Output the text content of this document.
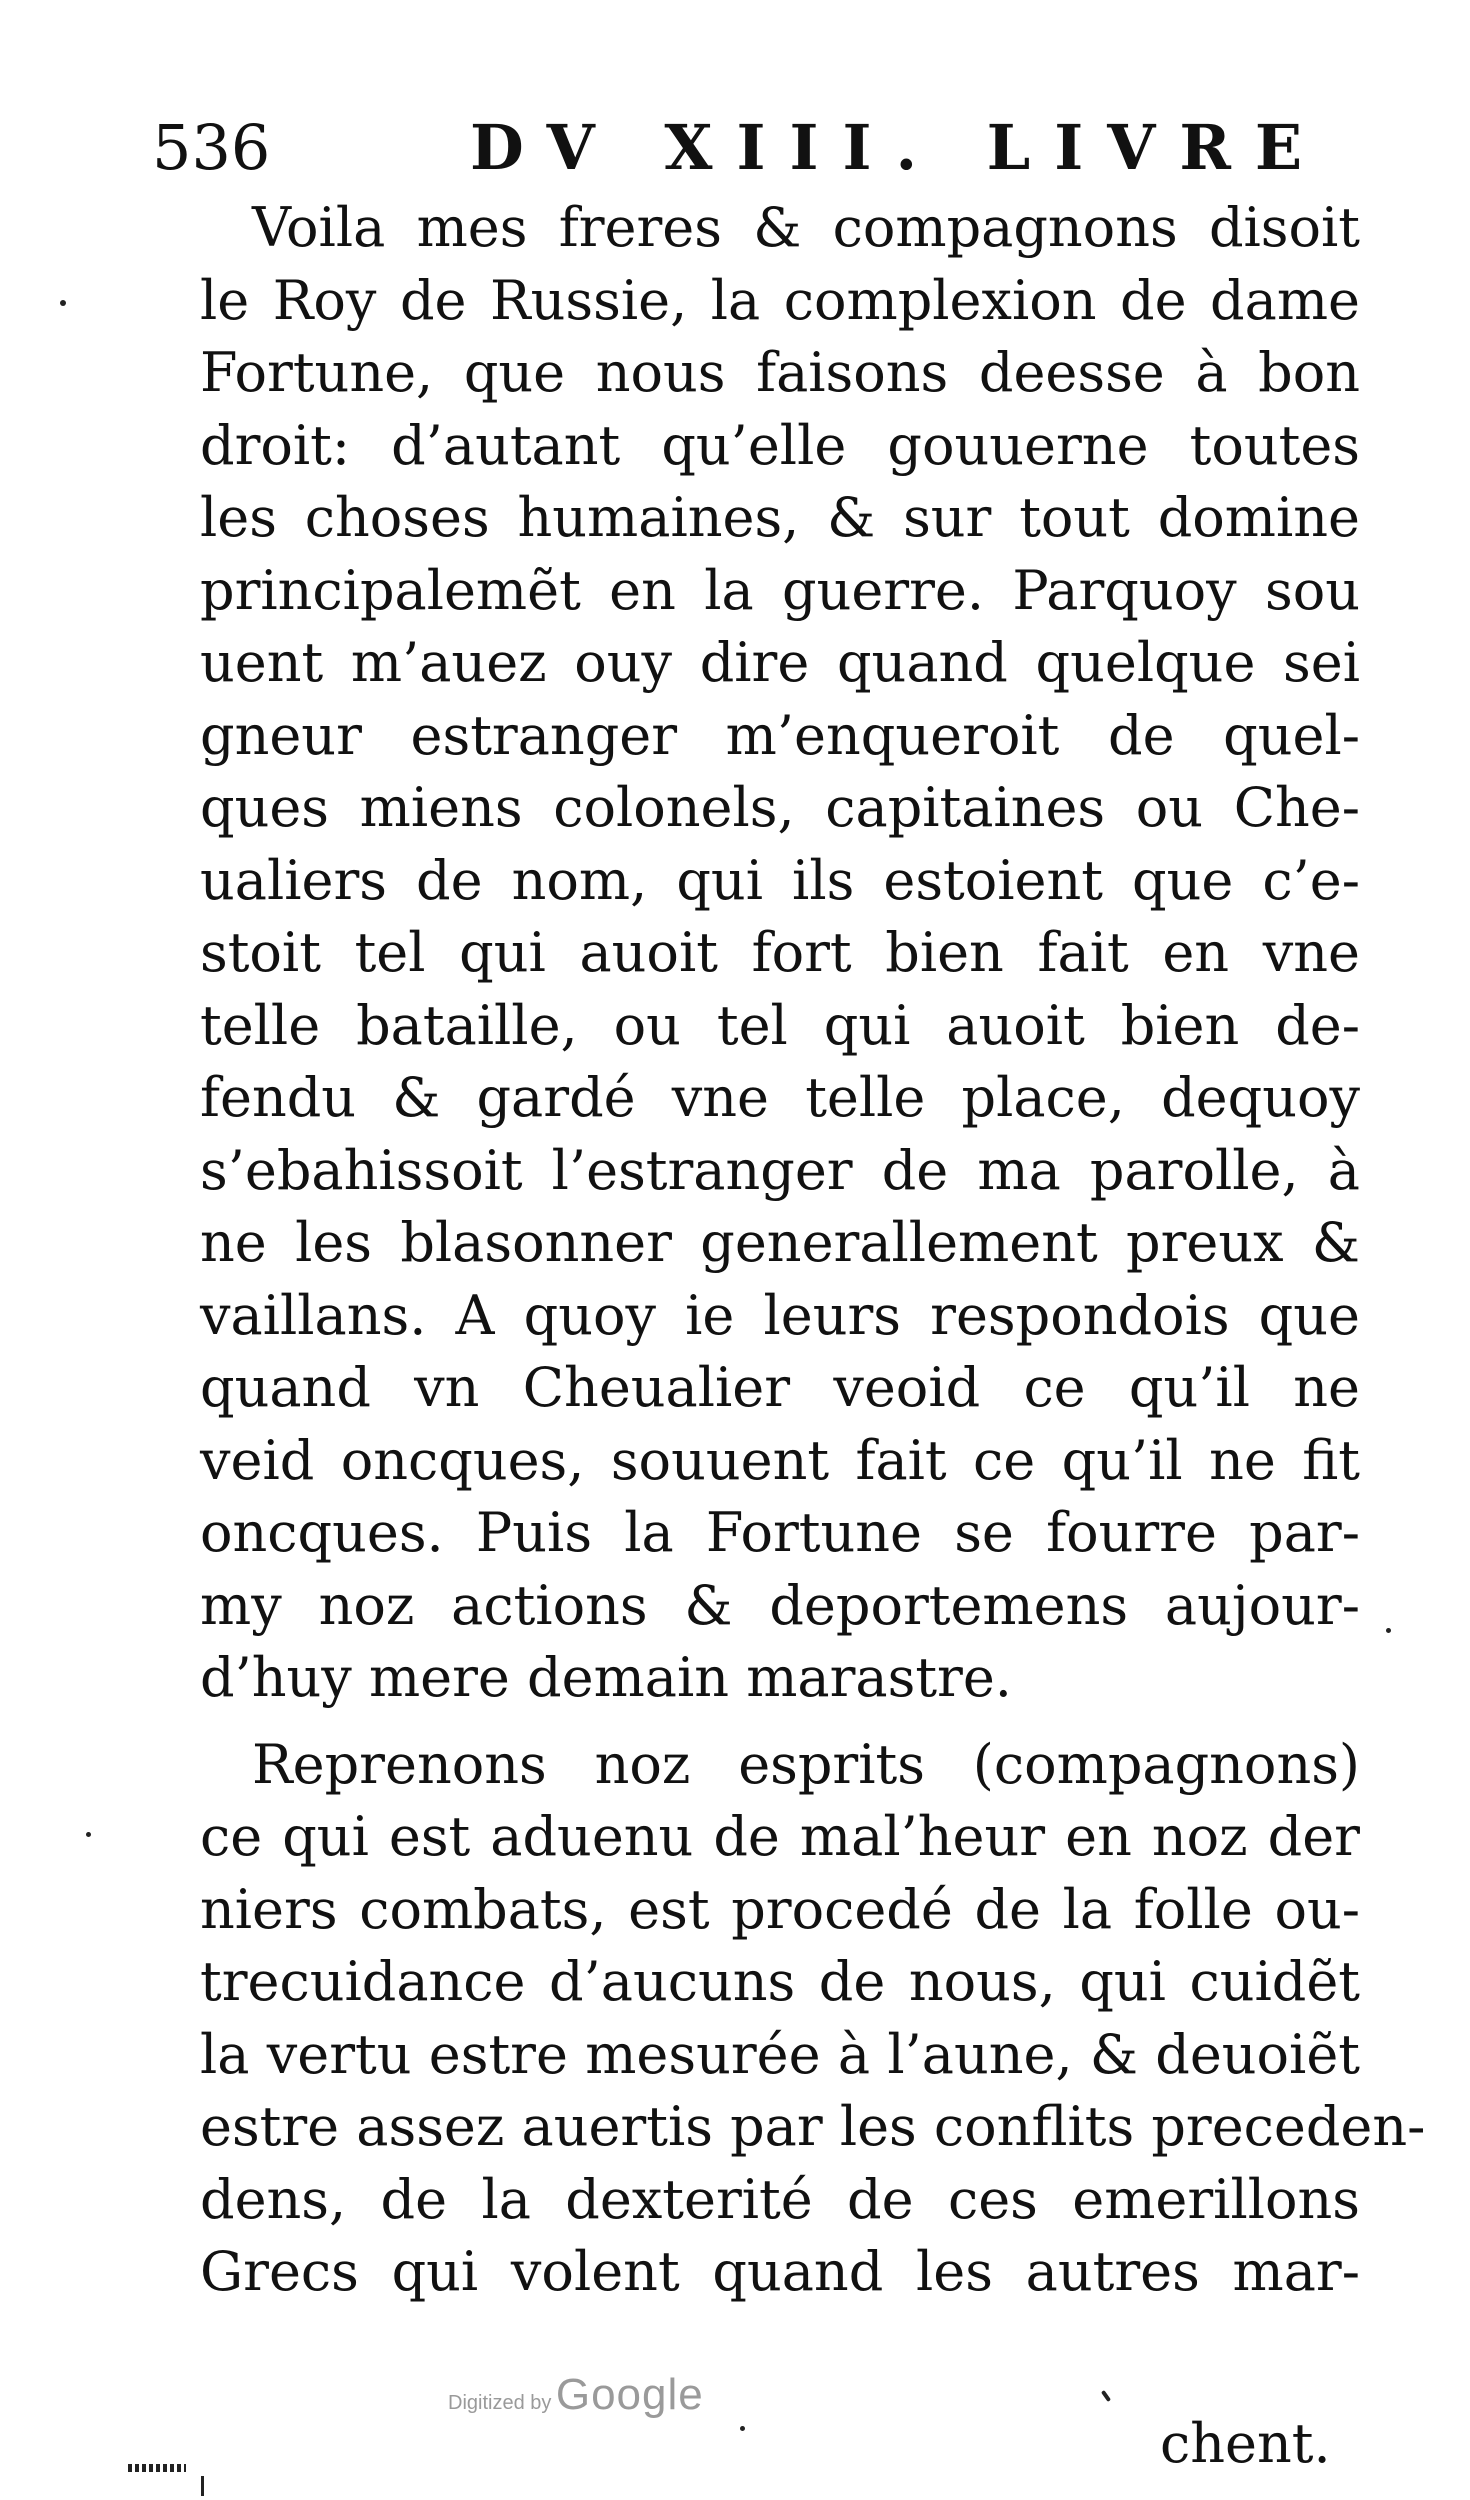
536	DV XIII. LIVRE
Voila mes freres & compagnons disoit
le Roy de Russie, la complexion de dame
Fortune, que nous faisons deesse à bon
droit: d’autant qu’elle gouuerne toutes
les choses humaines, & sur tout domine
principalemẽt en la guerre. Parquoy sou
uent m’auez ouy dire quand quelque sei
gneur estranger m’enqueroit de quel-
ques miens colonels, capitaines ou Che-
ualiers de nom, qui ils estoient que c’e-
stoit tel qui auoit fort bien fait en vne
telle bataille, ou tel qui auoit bien de-
fendu & gardé vne telle place, dequoy
s’ebahissoit l’estranger de ma parolle, à
ne les blasonner generallement preux &
vaillans. A quoy ie leurs respondois que
quand vn Cheualier veoid ce qu’il ne
veid oncques, souuent fait ce qu’il ne fit
oncques. Puis la Fortune se fourre par-
my noz actions & deportemens aujour-
d’huy mere demain marastre.
Reprenons noz esprits (compagnons)
ce qui est aduenu de mal’heur en noz der
niers combats, est procedé de la folle ou-
trecuidance d’aucuns de nous, qui cuidẽt
la vertu estre mesurée à l’aune, & deuoiẽt
estre assez auertis par les conflits preceden-
dens, de la dexterité de ces emerillons
Grecs qui volent quand les autres mar-
Digitized by Google
chent.
